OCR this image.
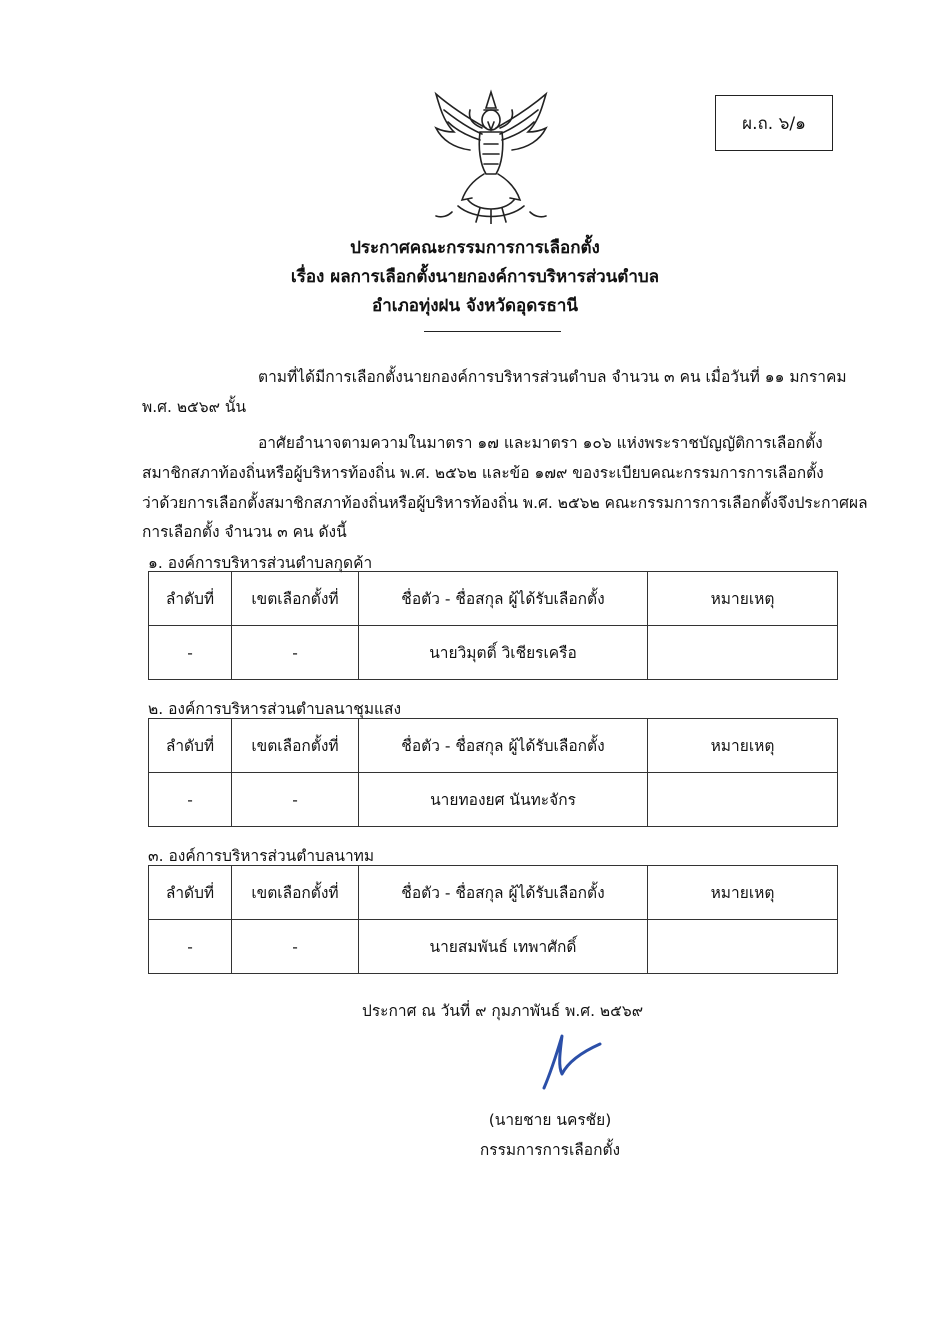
ผ.ถ. ๖/๑
ประกาศคณะกรรมการการเลือกตั้ง
เรื่อง ผลการเลือกตั้งนายกองค์การบริหารส่วนตำบล
อำเภอทุ่งฝน จังหวัดอุดรธานี
ตามที่ได้มีการเลือกตั้งนายกองค์การบริหารส่วนตำบล จำนวน ๓ คน เมื่อวันที่ ๑๑ มกราคม
พ.ศ. ๒๕๖๙ นั้น
อาศัยอำนาจตามความในมาตรา ๑๗ และมาตรา ๑๐๖ แห่งพระราชบัญญัติการเลือกตั้ง
สมาชิกสภาท้องถิ่นหรือผู้บริหารท้องถิ่น พ.ศ. ๒๕๖๒ และข้อ ๑๗๙ ของระเบียบคณะกรรมการการเลือกตั้ง
ว่าด้วยการเลือกตั้งสมาชิกสภาท้องถิ่นหรือผู้บริหารท้องถิ่น พ.ศ. ๒๕๖๒ คณะกรรมการการเลือกตั้งจึงประกาศผล
การเลือกตั้ง จำนวน ๓ คน ดังนี้
๑. องค์การบริหารส่วนตำบลกุดค้า
ลำดับที่	เขตเลือกตั้งที่	ชื่อตัว - ชื่อสกุล ผู้ได้รับเลือกตั้ง	หมายเหตุ
-	-	นายวิมุตติ์ วิเชียรเครือ	
๒. องค์การบริหารส่วนตำบลนาชุมแสง
ลำดับที่	เขตเลือกตั้งที่	ชื่อตัว - ชื่อสกุล ผู้ได้รับเลือกตั้ง	หมายเหตุ
-	-	นายทองยศ นันทะจักร	
๓. องค์การบริหารส่วนตำบลนาทม
ลำดับที่	เขตเลือกตั้งที่	ชื่อตัว - ชื่อสกุล ผู้ได้รับเลือกตั้ง	หมายเหตุ
-	-	นายสมพันธ์ เทพาศักดิ์	
ประกาศ ณ วันที่ ๙ กุมภาพันธ์ พ.ศ. ๒๕๖๙
(นายชาย นครชัย)
กรรมการการเลือกตั้ง
